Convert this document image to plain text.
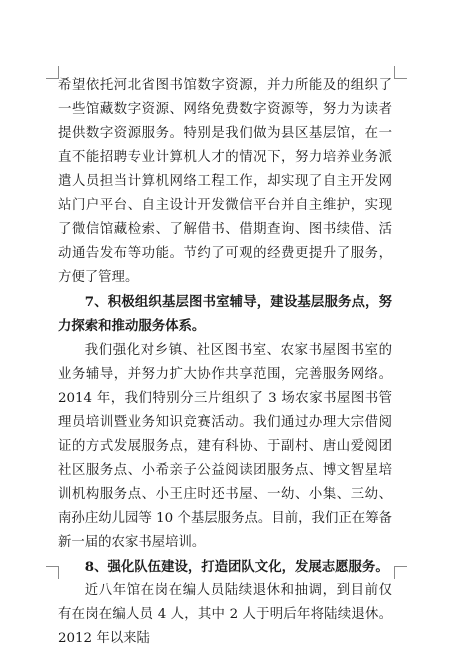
希望依托河北省图书馆数字资源，并力所能及的组织了一些馆藏数字资源、网络免费数字资源等，努力为读者提供数字资源服务。特别是我们做为县区基层馆，在一直不能招聘专业计算机人才的情况下，努力培养业务派遣人员担当计算机网络工程工作，却实现了自主开发网站门户平台、自主设计开发微信平台并自主维护，实现了微信馆藏检索、了解借书、借期查询、图书续借、活动通告发布等功能。节约了可观的经费更提升了服务，方便了管理。

7、积极组织基层图书室辅导，建设基层服务点，努力探索和推动服务体系。

我们强化对乡镇、社区图书室、农家书屋图书室的业务辅导，并努力扩大协作共享范围，完善服务网络。2014 年，我们特别分三片组织了 3 场农家书屋图书管理员培训暨业务知识竞赛活动。我们通过办理大宗借阅证的方式发展服务点，建有科协、于副村、唐山爱阅团社区服务点、小希亲子公益阅读团服务点、博文智星培训机构服务点、小王庄时还书屋、一幼、小集、三幼、南孙庄幼儿园等 10 个基层服务点。目前，我们正在筹备新一届的农家书屋培训。

8、强化队伍建设，打造团队文化，发展志愿服务。

近八年馆在岗在编人员陆续退休和抽调，到目前仅有在岗在编人员 4 人，其中 2 人于明后年将陆续退休。2012 年以来陆
